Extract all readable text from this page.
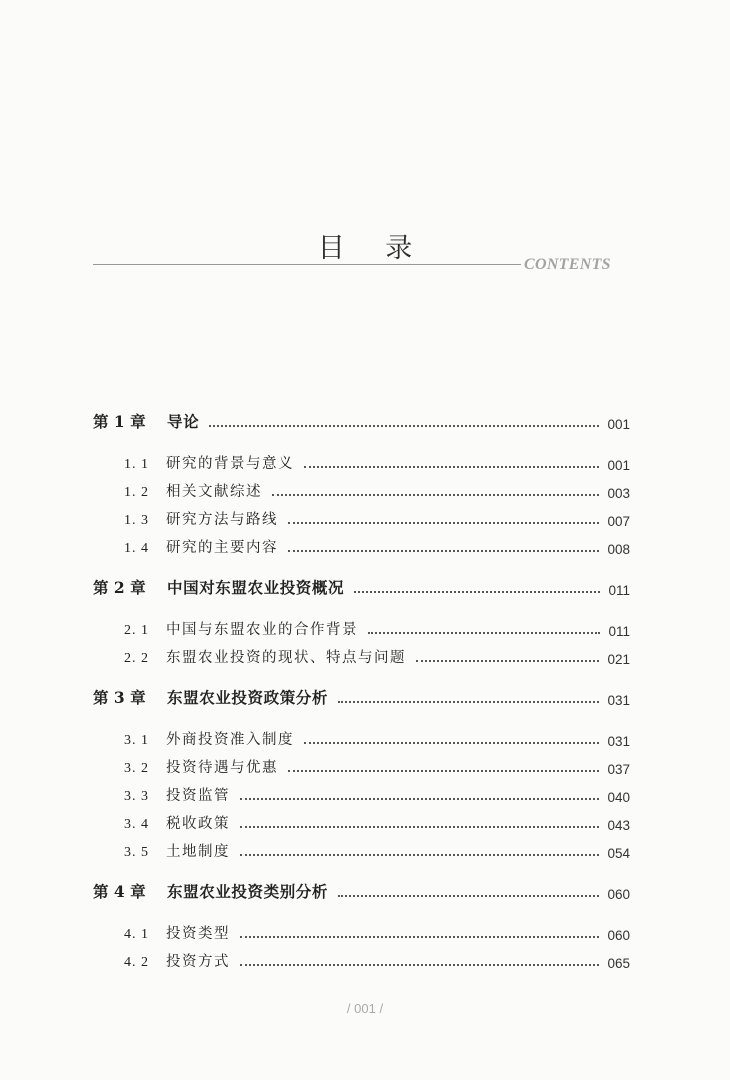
目 录
CONTENTS
第 1 章	导论	001
1. 1	研究的背景与意义	001
1. 2	相关文献综述	003
1. 3	研究方法与路线	007
1. 4	研究的主要内容	008
第 2 章	中国对东盟农业投资概况	011
2. 1	中国与东盟农业的合作背景	011
2. 2	东盟农业投资的现状、特点与问题	021
第 3 章	东盟农业投资政策分析	031
3. 1	外商投资准入制度	031
3. 2	投资待遇与优惠	037
3. 3	投资监管	040
3. 4	税收政策	043
3. 5	土地制度	054
第 4 章	东盟农业投资类别分析	060
4. 1	投资类型	060
4. 2	投资方式	065
/ 001 /
